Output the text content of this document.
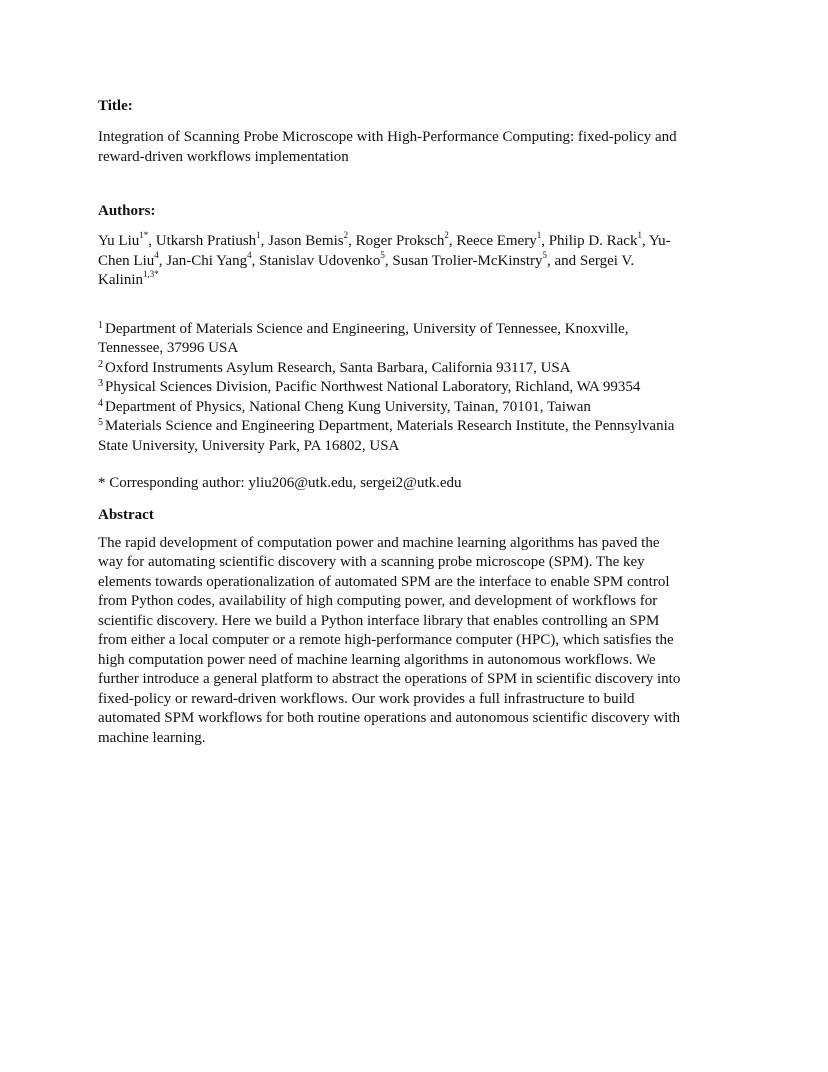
Title:
Integration of Scanning Probe Microscope with High-Performance Computing: fixed-policy and
reward-driven workflows implementation
Authors:
Yu Liu$^{1*}$, Utkarsh Pratiush$^1$, Jason Bemis$^2$, Roger Proksch$^2$, Reece Emery$^1$, Philip D. Rack$^1$, Yu-
Chen Liu$^4$, Jan-Chi Yang$^4$, Stanislav Udovenko$^5$, Susan Trolier-McKinstry$^5$, and Sergei V.
Kalinin$^{1,3*}$
$^1$ Department of Materials Science and Engineering, University of Tennessee, Knoxville,
Tennessee, 37996 USA
$^2$ Oxford Instruments Asylum Research, Santa Barbara, California 93117, USA
$^3$ Physical Sciences Division, Pacific Northwest National Laboratory, Richland, WA 99354
$^4$ Department of Physics, National Cheng Kung University, Tainan, 70101, Taiwan
$^5$ Materials Science and Engineering Department, Materials Research Institute, the Pennsylvania
State University, University Park, PA 16802, USA
* Corresponding author: yliu206@utk.edu, sergei2@utk.edu
Abstract
The rapid development of computation power and machine learning algorithms has paved the
way for automating scientific discovery with a scanning probe microscope (SPM). The key
elements towards operationalization of automated SPM are the interface to enable SPM control
from Python codes, availability of high computing power, and development of workflows for
scientific discovery. Here we build a Python interface library that enables controlling an SPM
from either a local computer or a remote high-performance computer (HPC), which satisfies the
high computation power need of machine learning algorithms in autonomous workflows. We
further introduce a general platform to abstract the operations of SPM in scientific discovery into
fixed-policy or reward-driven workflows. Our work provides a full infrastructure to build
automated SPM workflows for both routine operations and autonomous scientific discovery with
machine learning.
